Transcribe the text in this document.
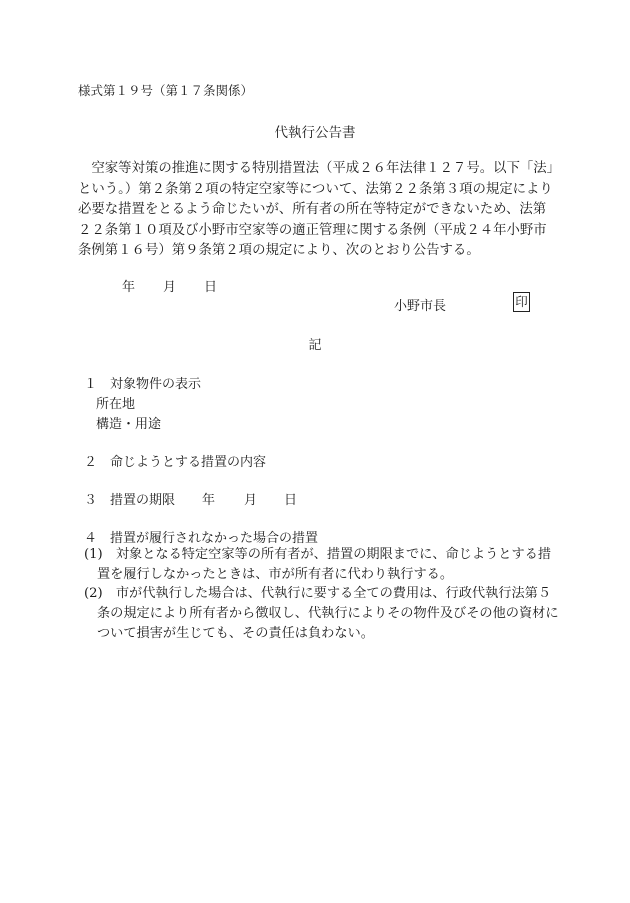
様式第１９号（第１７条関係）
代執行公告書
　空家等対策の推進に関する特別措置法（平成２６年法律１２７号。以下「法」
という。）第２条第２項の特定空家等について、法第２２条第３項の規定により
必要な措置をとるよう命じたいが、所有者の所在等特定ができないため、法第
２２条第１０項及び小野市空家等の適正管理に関する条例（平成２４年小野市
条例第１６号）第９条第２項の規定により、次のとおり公告する。
年 月 日
小野市長	印
記
１　対象物件の表示
所在地
構造・用途
２　命じようとする措置の内容
３　措置の期限 年 月 日
４　措置が履行されなかった場合の措置
(1)　対象となる特定空家等の所有者が、措置の期限までに、命じようとする措
置を履行しなかったときは、市が所有者に代わり執行する。
(2)　市が代執行した場合は、代執行に要する全ての費用は、行政代執行法第５
条の規定により所有者から徴収し、代執行によりその物件及びその他の資材に
ついて損害が生じても、その責任は負わない。
